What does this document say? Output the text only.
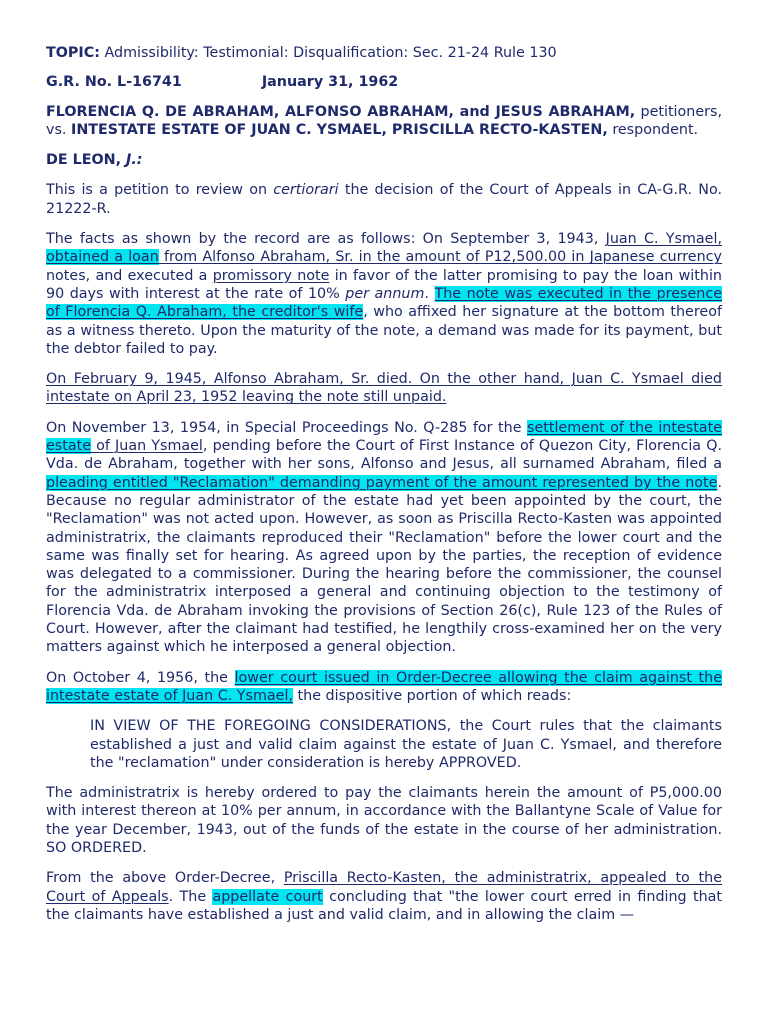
TOPIC: Admissibility: Testimonial: Disqualification: Sec. 21-24 Rule 130

G.R. No. L-16741	January 31, 1962

FLORENCIA Q. DE ABRAHAM, ALFONSO ABRAHAM, and JESUS ABRAHAM, petitioners, vs. INTESTATE ESTATE OF JUAN C. YSMAEL, PRISCILLA RECTO-KASTEN, respondent.

DE LEON, J.:

This is a petition to review on certiorari the decision of the Court of Appeals in CA-G.R. No. 21222-R.

The facts as shown by the record are as follows: On September 3, 1943, Juan C. Ysmael, obtained a loan from Alfonso Abraham, Sr. in the amount of P12,500.00 in Japanese currency notes, and executed a promissory note in favor of the latter promising to pay the loan within 90 days with interest at the rate of 10% per annum. The note was executed in the presence of Florencia Q. Abraham, the creditor's wife, who affixed her signature at the bottom thereof as a witness thereto. Upon the maturity of the note, a demand was made for its payment, but the debtor failed to pay.

On February 9, 1945, Alfonso Abraham, Sr. died. On the other hand, Juan C. Ysmael died intestate on April 23, 1952 leaving the note still unpaid.

On November 13, 1954, in Special Proceedings No. Q-285 for the settlement of the intestate estate of Juan Ysmael, pending before the Court of First Instance of Quezon City, Florencia Q. Vda. de Abraham, together with her sons, Alfonso and Jesus, all surnamed Abraham, filed a pleading entitled "Reclamation" demanding payment of the amount represented by the note. Because no regular administrator of the estate had yet been appointed by the court, the "Reclamation" was not acted upon. However, as soon as Priscilla Recto-Kasten was appointed administratrix, the claimants reproduced their "Reclamation" before the lower court and the same was finally set for hearing. As agreed upon by the parties, the reception of evidence was delegated to a commissioner. During the hearing before the commissioner, the counsel for the administratrix interposed a general and continuing objection to the testimony of Florencia Vda. de Abraham invoking the provisions of Section 26(c), Rule 123 of the Rules of Court. However, after the claimant had testified, he lengthily cross-examined her on the very matters against which he interposed a general objection.

On October 4, 1956, the lower court issued in Order-Decree allowing the claim against the intestate estate of Juan C. Ysmael, the dispositive portion of which reads:

IN VIEW OF THE FOREGOING CONSIDERATIONS, the Court rules that the claimants established a just and valid claim against the estate of Juan C. Ysmael, and therefore the "reclamation" under consideration is hereby APPROVED.

The administratrix is hereby ordered to pay the claimants herein the amount of P5,000.00 with interest thereon at 10% per annum, in accordance with the Ballantyne Scale of Value for the year December, 1943, out of the funds of the estate in the course of her administration. SO ORDERED.

From the above Order-Decree, Priscilla Recto-Kasten, the administratrix, appealed to the Court of Appeals. The appellate court concluding that "the lower court erred in finding that the claimants have established a just and valid claim, and in allowing the claim —
